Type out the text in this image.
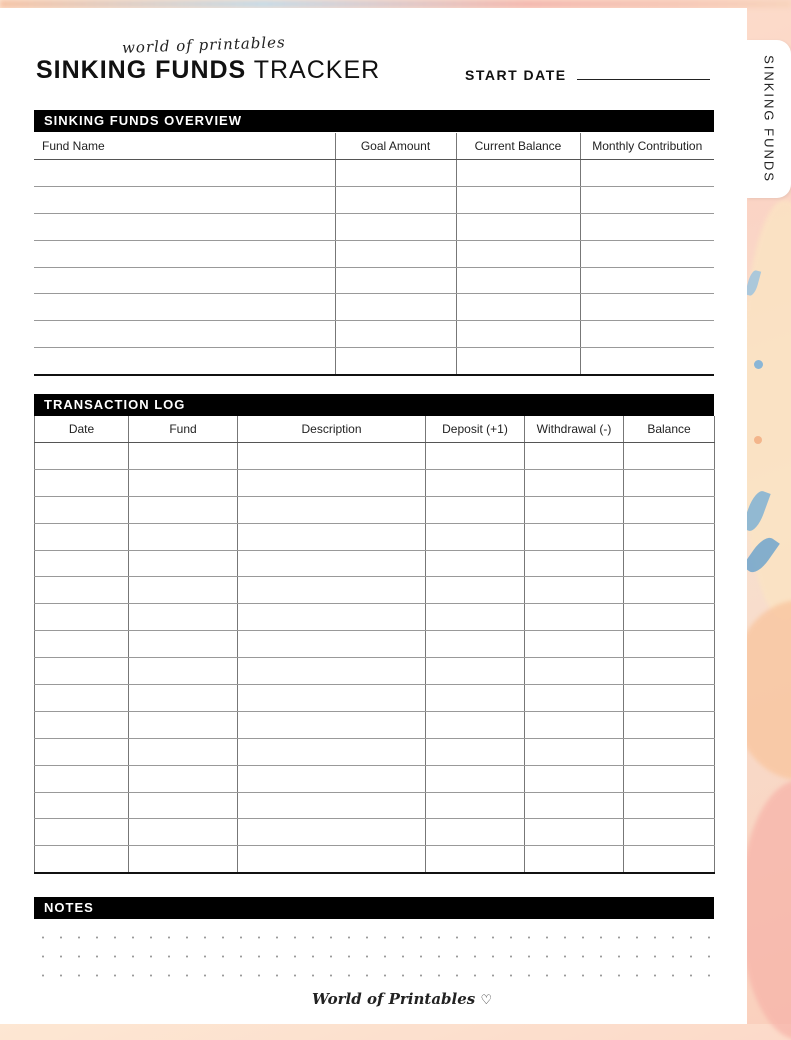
SINKING FUNDS
world of printables
SINKING FUNDS TRACKER	START DATE
SINKING FUNDS OVERVIEW
Fund Name	Goal Amount	Current Balance	Monthly Contribution

TRANSACTION LOG
Date	Fund	Description	Deposit (+1)	Withdrawal (-)	Balance

NOTES
World of Printables ♡
